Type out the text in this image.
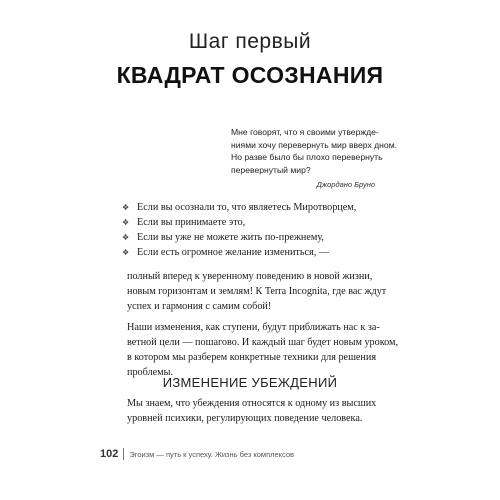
Шаг первый
КВАДРАТ ОСОЗНАНИЯ
Мне говорят, что я своими утвержде-
ниями хочу перевернуть мир вверх дном.
Но разве было бы плохо перевернуть
перевернутый мир?
Джордано Бруно
❖ Если вы осознали то, что являетесь Миротворцем,
❖ Если вы принимаете это,
❖ Если вы уже не можете жить по-прежнему,
❖ Если есть огромное желание измениться, —
полный вперед к уверенному поведению в новой жизни,
новым горизонтам и землям! К Terra Incognita, где вас ждут
успех и гармония с самим собой!
Наши изменения, как ступени, будут приближать нас к за-
ветной цели — пошагово. И каждый шаг будет новым уроком,
в котором мы разберем конкретные техники для решения
проблемы.
ИЗМЕНЕНИЕ УБЕЖДЕНИЙ
Мы знаем, что убеждения относятся к одному из высших
уровней психики, регулирующих поведение человека.
102 Эгоизм — путь к успеху. Жизнь без комплексов
